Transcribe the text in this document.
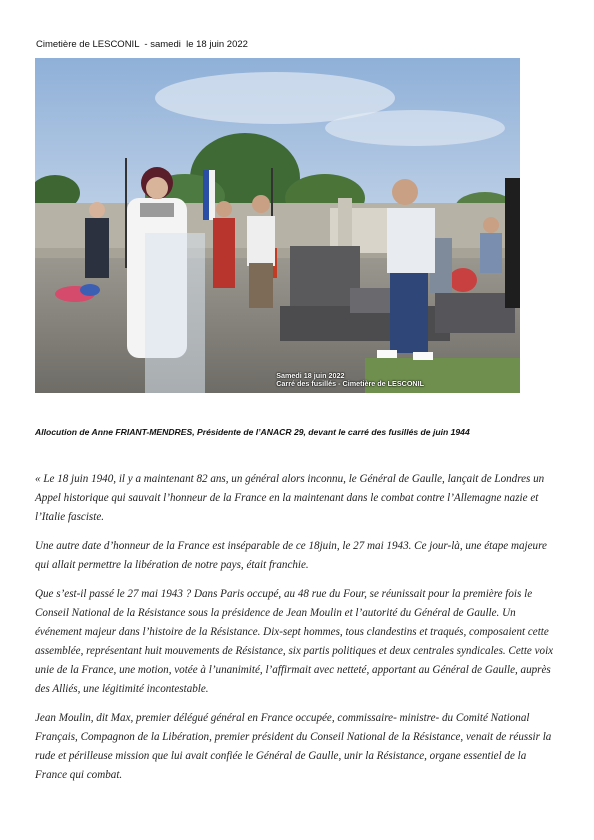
Cimetière de LESCONIL  - samedi  le 18 juin 2022
Samedi 18 juin 2022
Carré des fusillés - Cimetière de LESCONIL
Allocution de Anne FRIANT-MENDRES, Présidente de l’ANACR 29, devant le carré des fusillés de juin 1944

« Le 18 juin 1940, il y a maintenant 82 ans, un général alors inconnu, le Général de Gaulle, lançait de Londres un Appel historique qui sauvait l’honneur de la France en la maintenant dans le combat contre l’Allemagne nazie et l’Italie fasciste.

Une autre date d’honneur de la France est inséparable de ce 18juin, le 27 mai 1943. Ce jour-là, une étape majeure qui allait permettre la libération de notre pays, était franchie.

Que s’est-il passé le 27 mai 1943 ? Dans Paris occupé, au 48 rue du Four, se réunissait pour la première fois le Conseil National de la Résistance sous la présidence de Jean Moulin et l’autorité du Général de Gaulle. Un événement majeur dans l’histoire de la Résistance. Dix-sept hommes, tous clandestins et traqués, composaient cette assemblée, représentant huit mouvements de Résistance, six partis politiques et deux centrales syndicales. Cette voix unie de la France, une motion, votée à l’unanimité, l’affirmait avec netteté, apportant au Général de Gaulle, auprès des Alliés, une légitimité incontestable.

Jean Moulin, dit Max, premier délégué général en France occupée, commissaire- ministre- du Comité National Français, Compagnon de la Libération, premier président du Conseil National de la Résistance, venait de réussir la rude et périlleuse mission que lui avait confiée le Général de Gaulle, unir la Résistance, organe essentiel de la France qui combat.
